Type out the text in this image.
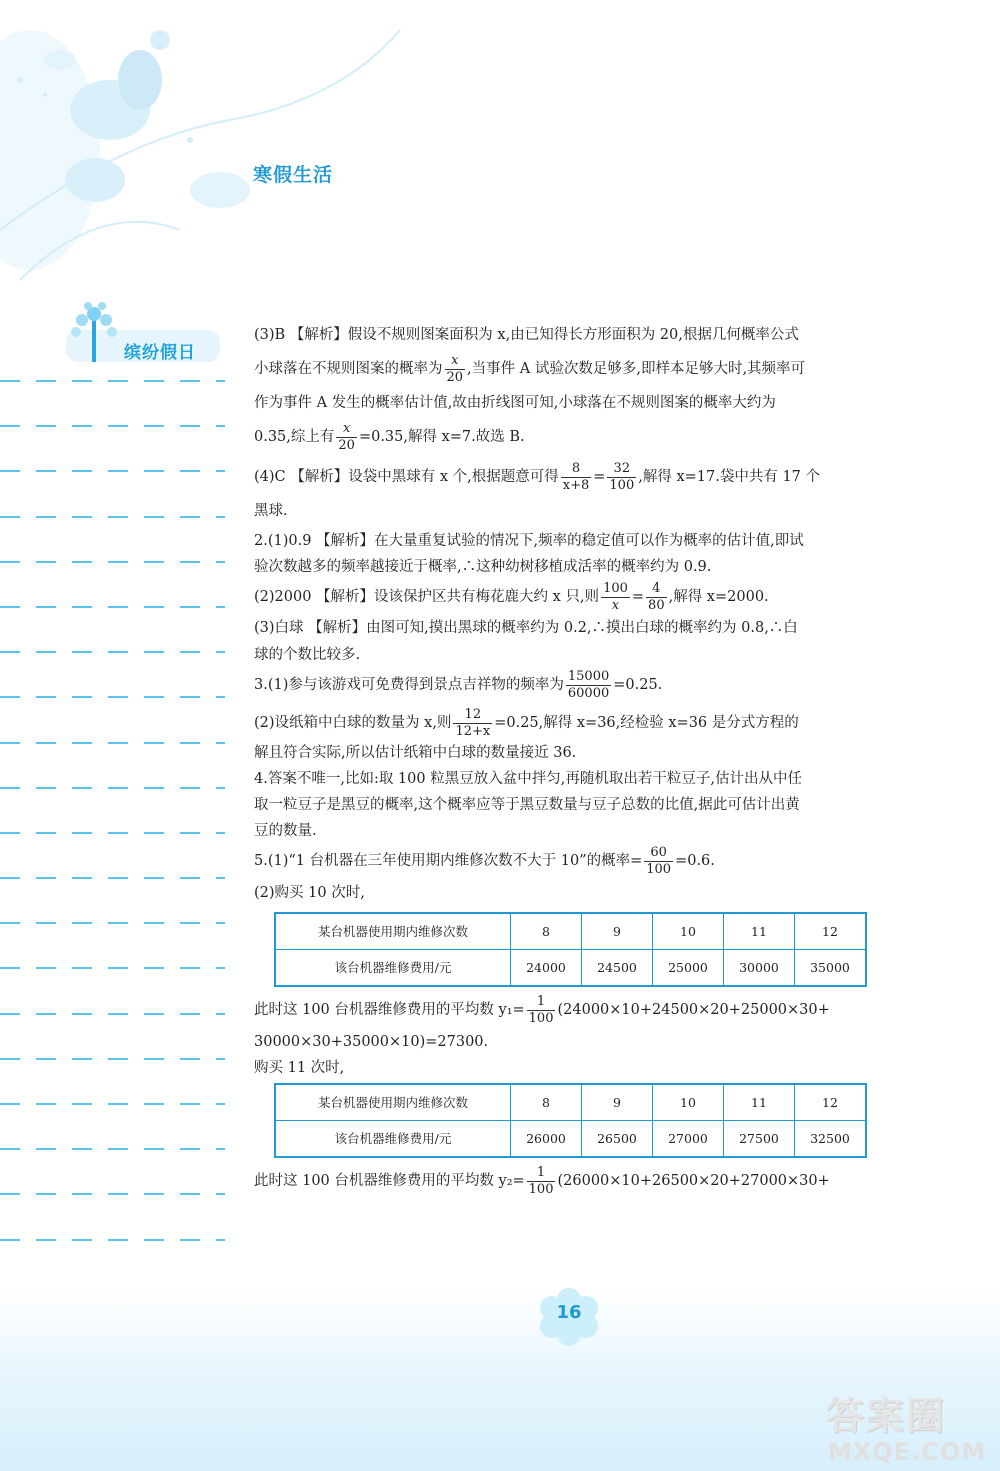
寒假生活
缤纷假日

(3)B 【解析】假设不规则图案面积为 x,由已知得长方形面积为 20,根据几何概率公式

小球落在不规则图案的概率为 $\frac{x}{20}$ ,当事件 A 试验次数足够多,即样本足够大时,其频率可

作为事件 A 发生的概率估计值,故由折线图可知,小球落在不规则图案的概率大约为

0.35,综上有 $\frac{x}{20} =0.35$,解得 x=7.故选 B.

(4)C 【解析】设袋中黑球有 x 个,根据题意可得 $\frac{8}{x+8} = \frac{32}{100}$ ,解得 x=17.袋中共有 17 个

黑球.

2.(1)0.9 【解析】在大量重复试验的情况下,频率的稳定值可以作为概率的估计值,即试

验次数越多的频率越接近于概率,∴这种幼树移植成活率的概率约为 0.9.

(2)2000 【解析】设该保护区共有梅花鹿大约 x 只,则 $\frac{100}{x} = \frac{4}{80}$ ,解得 x=2000.

(3)白球 【解析】由图可知,摸出黑球的概率约为 0.2,∴摸出白球的概率约为 0.8,∴白

球的个数比较多.

3.(1)参与该游戏可免费得到景点吉祥物的频率为 $\frac{15000}{60000} =0.25$.

(2)设纸箱中白球的数量为 x,则 $\frac{12}{12+x} =0.25$,解得 x=36,经检验 x=36 是分式方程的

解且符合实际,所以估计纸箱中白球的数量接近 36.

4.答案不唯一,比如:取 100 粒黑豆放入盆中拌匀,再随机取出若干粒豆子,估计出从中任

取一粒豆子是黑豆的概率,这个概率应等于黑豆数量与豆子总数的比值,据此可估计出黄

豆的数量.

5.(1)“1 台机器在三年使用期内维修次数不大于 10”的概率= $\frac{60}{100} =0.6$.

(2)购买 10 次时,

某台机器使用期内维修次数	8	9	10	11	12
该台机器维修费用/元	24000	24500	25000	30000	35000

此时这 100 台机器维修费用的平均数 $y_1= \frac{1}{100} (24000\times 10+24500\times 20+25000\times 30+$

30000×30+35000×10)=27300.

购买 11 次时,

某台机器使用期内维修次数	8	9	10	11	12
该台机器维修费用/元	26000	26500	27000	27500	32500

此时这 100 台机器维修费用的平均数 $y_2= \frac{1}{100} (26000\times 10+26500\times 20+27000\times 30+$

16
答案圈
MXQE.COM
